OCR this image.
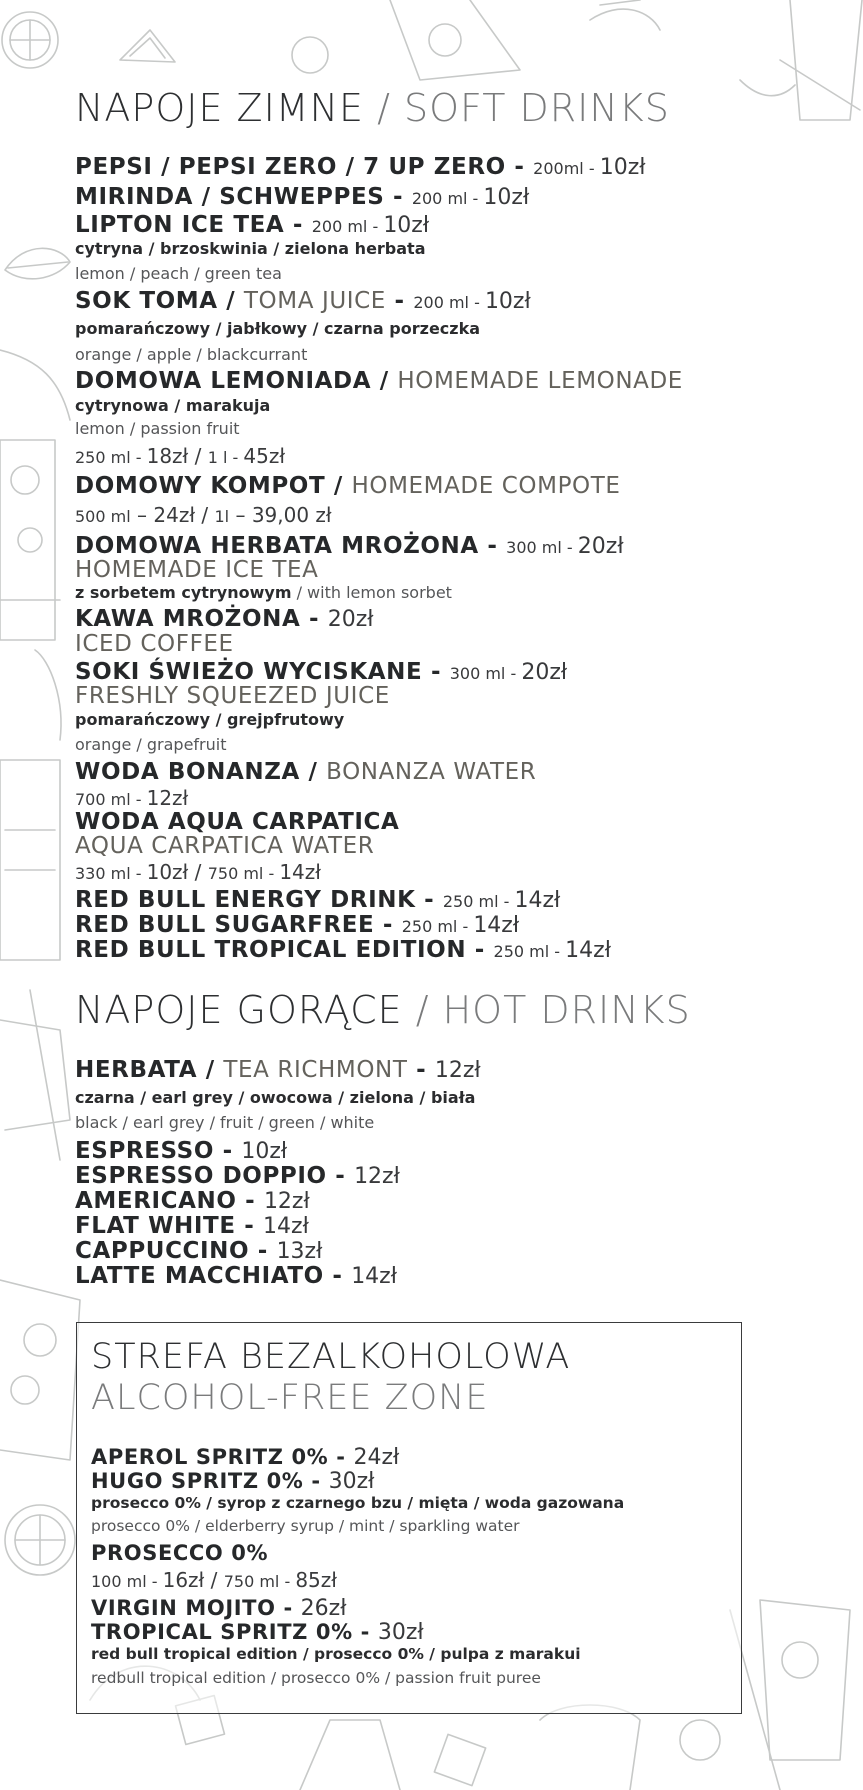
NAPOJE ZIMNE / SOFT DRINKS
PEPSI / PEPSI ZERO / 7 UP ZERO - 200ml - 10zł
MIRINDA / SCHWEPPES - 200 ml - 10zł
LIPTON ICE TEA - 200 ml - 10zł
cytryna / brzoskwinia / zielona herbata
lemon / peach / green tea
SOK TOMA / TOMA JUICE - 200 ml - 10zł
pomarańczowy / jabłkowy / czarna porzeczka
orange / apple / blackcurrant
DOMOWA LEMONIADA / HOMEMADE LEMONADE
cytrynowa / marakuja
lemon / passion fruit
250 ml - 18zł / 1 l - 45zł
DOMOWY KOMPOT / HOMEMADE COMPOTE
500 ml – 24zł / 1l – 39,00 zł
DOMOWA HERBATA MROŻONA - 300 ml - 20zł
HOMEMADE ICE TEA
z sorbetem cytrynowym / with lemon sorbet
KAWA MROŻONA - 20zł
ICED COFFEE
SOKI ŚWIEŻO WYCISKANE - 300 ml - 20zł
FRESHLY SQUEEZED JUICE
pomarańczowy / grejpfrutowy
orange / grapefruit
WODA BONANZA / BONANZA WATER
700 ml - 12zł
WODA AQUA CARPATICA
AQUA CARPATICA WATER
330 ml - 10zł / 750 ml - 14zł
RED BULL ENERGY DRINK - 250 ml - 14zł
RED BULL SUGARFREE - 250 ml - 14zł
RED BULL TROPICAL EDITION - 250 ml - 14zł
NAPOJE GORĄCE / HOT DRINKS
HERBATA / TEA RICHMONT - 12zł
czarna / earl grey / owocowa / zielona / biała
black / earl grey / fruit / green / white
ESPRESSO - 10zł
ESPRESSO DOPPIO - 12zł
AMERICANO - 12zł
FLAT WHITE - 14zł
CAPPUCCINO - 13zł
LATTE MACCHIATO - 14zł
STREFA BEZALKOHOLOWA
ALCOHOL-FREE ZONE
APEROL SPRITZ 0% - 24zł
HUGO SPRITZ 0% - 30zł
prosecco 0% / syrop z czarnego bzu / mięta / woda gazowana
prosecco 0% / elderberry syrup / mint / sparkling water
PROSECCO 0%
100 ml - 16zł / 750 ml - 85zł
VIRGIN MOJITO - 26zł
TROPICAL SPRITZ 0% - 30zł
red bull tropical edition / prosecco 0% / pulpa z marakui
redbull tropical edition / prosecco 0% / passion fruit puree
